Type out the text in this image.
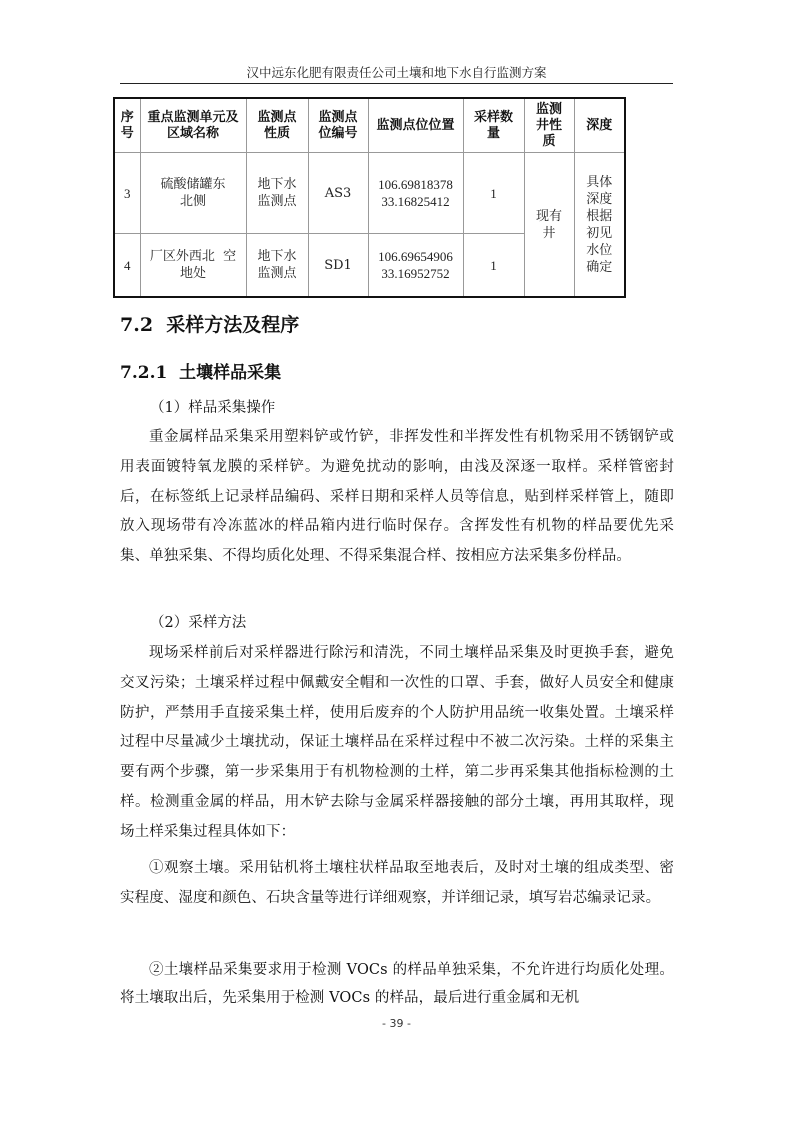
汉中远东化肥有限责任公司土壤和地下水自行监测方案
序
号	重点监测单元及
区域名称	监测点
性质	监测点
位编号	监测点位位置	采样数
量	监测
井性
质	深度
3	硫酸储罐东
北侧	地下水
监测点	AS3	106.69818378
33.16825412	1	现有
井	具体
深度
根据
初见
水位
确定
4	厂区外西北  空
地处	地下水
监测点	SD1	106.69654906
33.16952752	1
7.2  采样方法及程序
7.2.1  土壤样品采集

（1）样品采集操作

重金属样品采集采用塑料铲或竹铲，非挥发性和半挥发性有机物采用不锈钢铲或用表面镀特氧龙膜的采样铲。为避免扰动的影响，由浅及深逐一取样。采样管密封后，在标签纸上记录样品编码、采样日期和采样人员等信息，贴到样采样管上，随即放入现场带有冷冻蓝冰的样品箱内进行临时保存。含挥发性有机物的样品要优先采集、单独采集、不得均质化处理、不得采集混合样、按相应方法采集多份样品。

（2）采样方法

现场采样前后对采样器进行除污和清洗，不同土壤样品采集及时更换手套，避免交叉污染；土壤采样过程中佩戴安全帽和一次性的口罩、手套，做好人员安全和健康防护，严禁用手直接采集土样，使用后废弃的个人防护用品统一收集处置。土壤采样过程中尽量减少土壤扰动，保证土壤样品在采样过程中不被二次污染。土样的采集主要有两个步骤，第一步采集用于有机物检测的土样，第二步再采集其他指标检测的土样。检测重金属的样品，用木铲去除与金属采样器接触的部分土壤，再用其取样，现场土样采集过程具体如下：

①观察土壤。采用钻机将土壤柱状样品取至地表后，及时对土壤的组成类型、密实程度、湿度和颜色、石块含量等进行详细观察，并详细记录，填写岩芯编录记录。

②土壤样品采集要求用于检测 VOCs 的样品单独采集，不允许进行均质化处理。将土壤取出后，先采集用于检测 VOCs 的样品，最后进行重金属和无机

- 39 -
